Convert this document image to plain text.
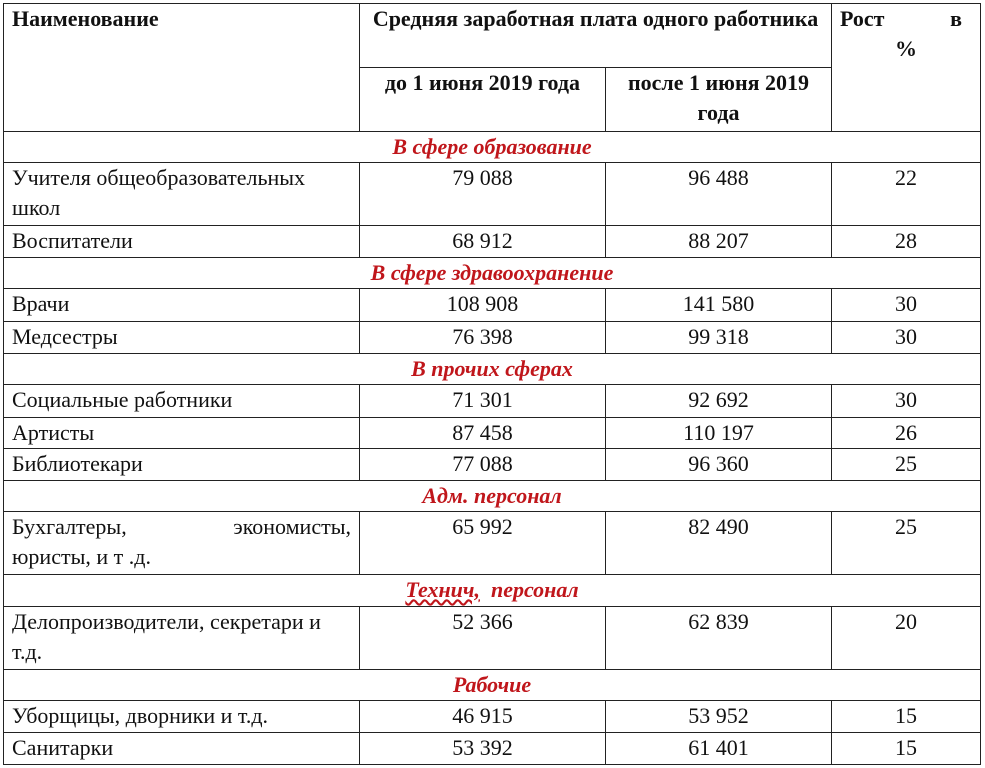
Наименование	Средняя заработная плата одного работника		Рост в
%

	до 1 июня 2019 года	после 1 июня 2019 года	
В сфере образование			
Учителя общеобразовательных школ	79 088	96 488	22
Воспитатели	68 912	88 207	28
В сфере здравоохранение			
Врачи	108 908	141 580	30
Медсестры	76 398	99 318	30
В прочих сферах			
Социальные работники	71 301	92 692	30
Артисты	87 458	110 197	26
Библиотекари	77 088	96 360	25
Адм. персонал			

Бухгалтеры, экономисты,
юристы, и т .д.	65 992	82 490	25
Технич, персонал			
Делопроизводители, секретари и т.д.	52 366	62 839	20
Рабочие			
Уборщицы, дворники и т.д.	46 915	53 952	15
Санитарки	53 392	61 401	15
